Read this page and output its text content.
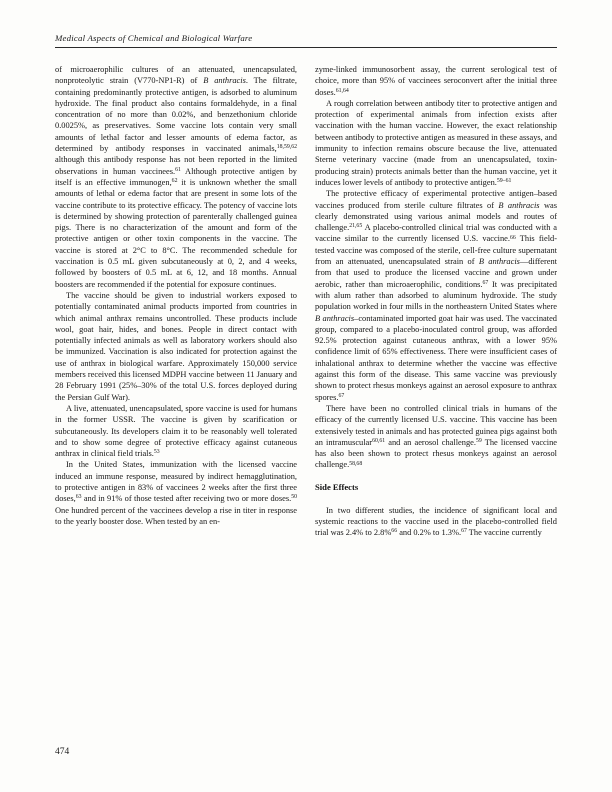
Medical Aspects of Chemical and Biological Warfare

of microaerophilic cultures of an attenuated, unencapsulated, nonproteolytic strain (V770-NP1-R) of B anthracis. The filtrate, containing predominantly protective antigen, is adsorbed to aluminum hydroxide. The final product also contains formaldehyde, in a final concentration of no more than 0.02%, and benzethonium chloride 0.0025%, as preservatives. Some vaccine lots contain very small amounts of lethal factor and lesser amounts of edema factor, as determined by antibody responses in vaccinated animals,$^{18,59,62}$ although this antibody response has not been reported in the limited observations in human vaccinees.$^{61}$ Although protective antigen by itself is an effective immunogen,$^{62}$ it is unknown whether the small amounts of lethal or edema factor that are present in some lots of the vaccine contribute to its protective efficacy. The potency of vaccine lots is determined by showing protection of parenterally challenged guinea pigs. There is no characterization of the amount and form of the protective antigen or other toxin components in the vaccine. The vaccine is stored at 2°C to 8°C. The recommended schedule for vaccination is 0.5 mL given subcutaneously at 0, 2, and 4 weeks, followed by boosters of 0.5 mL at 6, 12, and 18 months. Annual boosters are recommended if the potential for exposure continues.

The vaccine should be given to industrial workers exposed to potentially contaminated animal products imported from countries in which animal anthrax remains uncontrolled. These products include wool, goat hair, hides, and bones. People in direct contact with potentially infected animals as well as laboratory workers should also be immunized. Vaccination is also indicated for protection against the use of anthrax in biological warfare. Approximately 150,000 service members received this licensed MDPH vaccine between 11 January and 28 February 1991 (25%–30% of the total U.S. forces deployed during the Persian Gulf War).

A live, attenuated, unencapsulated, spore vaccine is used for humans in the former USSR. The vaccine is given by scarification or subcutaneously. Its developers claim it to be reasonably well tolerated and to show some degree of protective efficacy against cutaneous anthrax in clinical field trials.$^{53}$

In the United States, immunization with the licensed vaccine induced an immune response, measured by indirect hemagglutination, to protective antigen in 83% of vaccinees 2 weeks after the first three doses,$^{63}$ and in 91% of those tested after receiving two or more doses.$^{50}$ One hundred percent of the vaccinees develop a rise in titer in response to the yearly booster dose. When tested by an en-

zyme-linked immunosorbent assay, the current serological test of choice, more than 95% of vaccinees seroconvert after the initial three doses.$^{61,64}$

A rough correlation between antibody titer to protective antigen and protection of experimental animals from infection exists after vaccination with the human vaccine. However, the exact relationship between antibody to protective antigen as measured in these assays, and immunity to infection remains obscure because the live, attenuated Sterne veterinary vaccine (made from an unencapsulated, toxin-producing strain) protects animals better than the human vaccine, yet it induces lower levels of antibody to protective antigen.$^{59-61}$

The protective efficacy of experimental protective antigen–based vaccines produced from sterile culture filtrates of B anthracis was clearly demonstrated using various animal models and routes of challenge.$^{21,65}$ A placebo-controlled clinical trial was conducted with a vaccine similar to the currently licensed U.S. vaccine.$^{66}$ This field-tested vaccine was composed of the sterile, cell-free culture supernatant from an attenuated, unencapsulated strain of B anthracis—different from that used to produce the licensed vaccine and grown under aerobic, rather than microaerophilic, conditions.$^{67}$ It was precipitated with alum rather than adsorbed to aluminum hydroxide. The study population worked in four mills in the northeastern United States where B anthracis–contaminated imported goat hair was used. The vaccinated group, compared to a placebo-inoculated control group, was afforded 92.5% protection against cutaneous anthrax, with a lower 95% confidence limit of 65% effectiveness. There were insufficient cases of inhalational anthrax to determine whether the vaccine was effective against this form of the disease. This same vaccine was previously shown to protect rhesus monkeys against an aerosol exposure to anthrax spores.$^{67}$

There have been no controlled clinical trials in humans of the efficacy of the currently licensed U.S. vaccine. This vaccine has been extensively tested in animals and has protected guinea pigs against both an intramuscular$^{60,61}$ and an aerosol challenge.$^{59}$ The licensed vaccine has also been shown to protect rhesus monkeys against an aerosol challenge.$^{58,68}$

Side Effects

In two different studies, the incidence of significant local and systemic reactions to the vaccine used in the placebo-controlled field trial was 2.4% to 2.8%$^{66}$ and 0.2% to 1.3%.$^{67}$ The vaccine currently

474
